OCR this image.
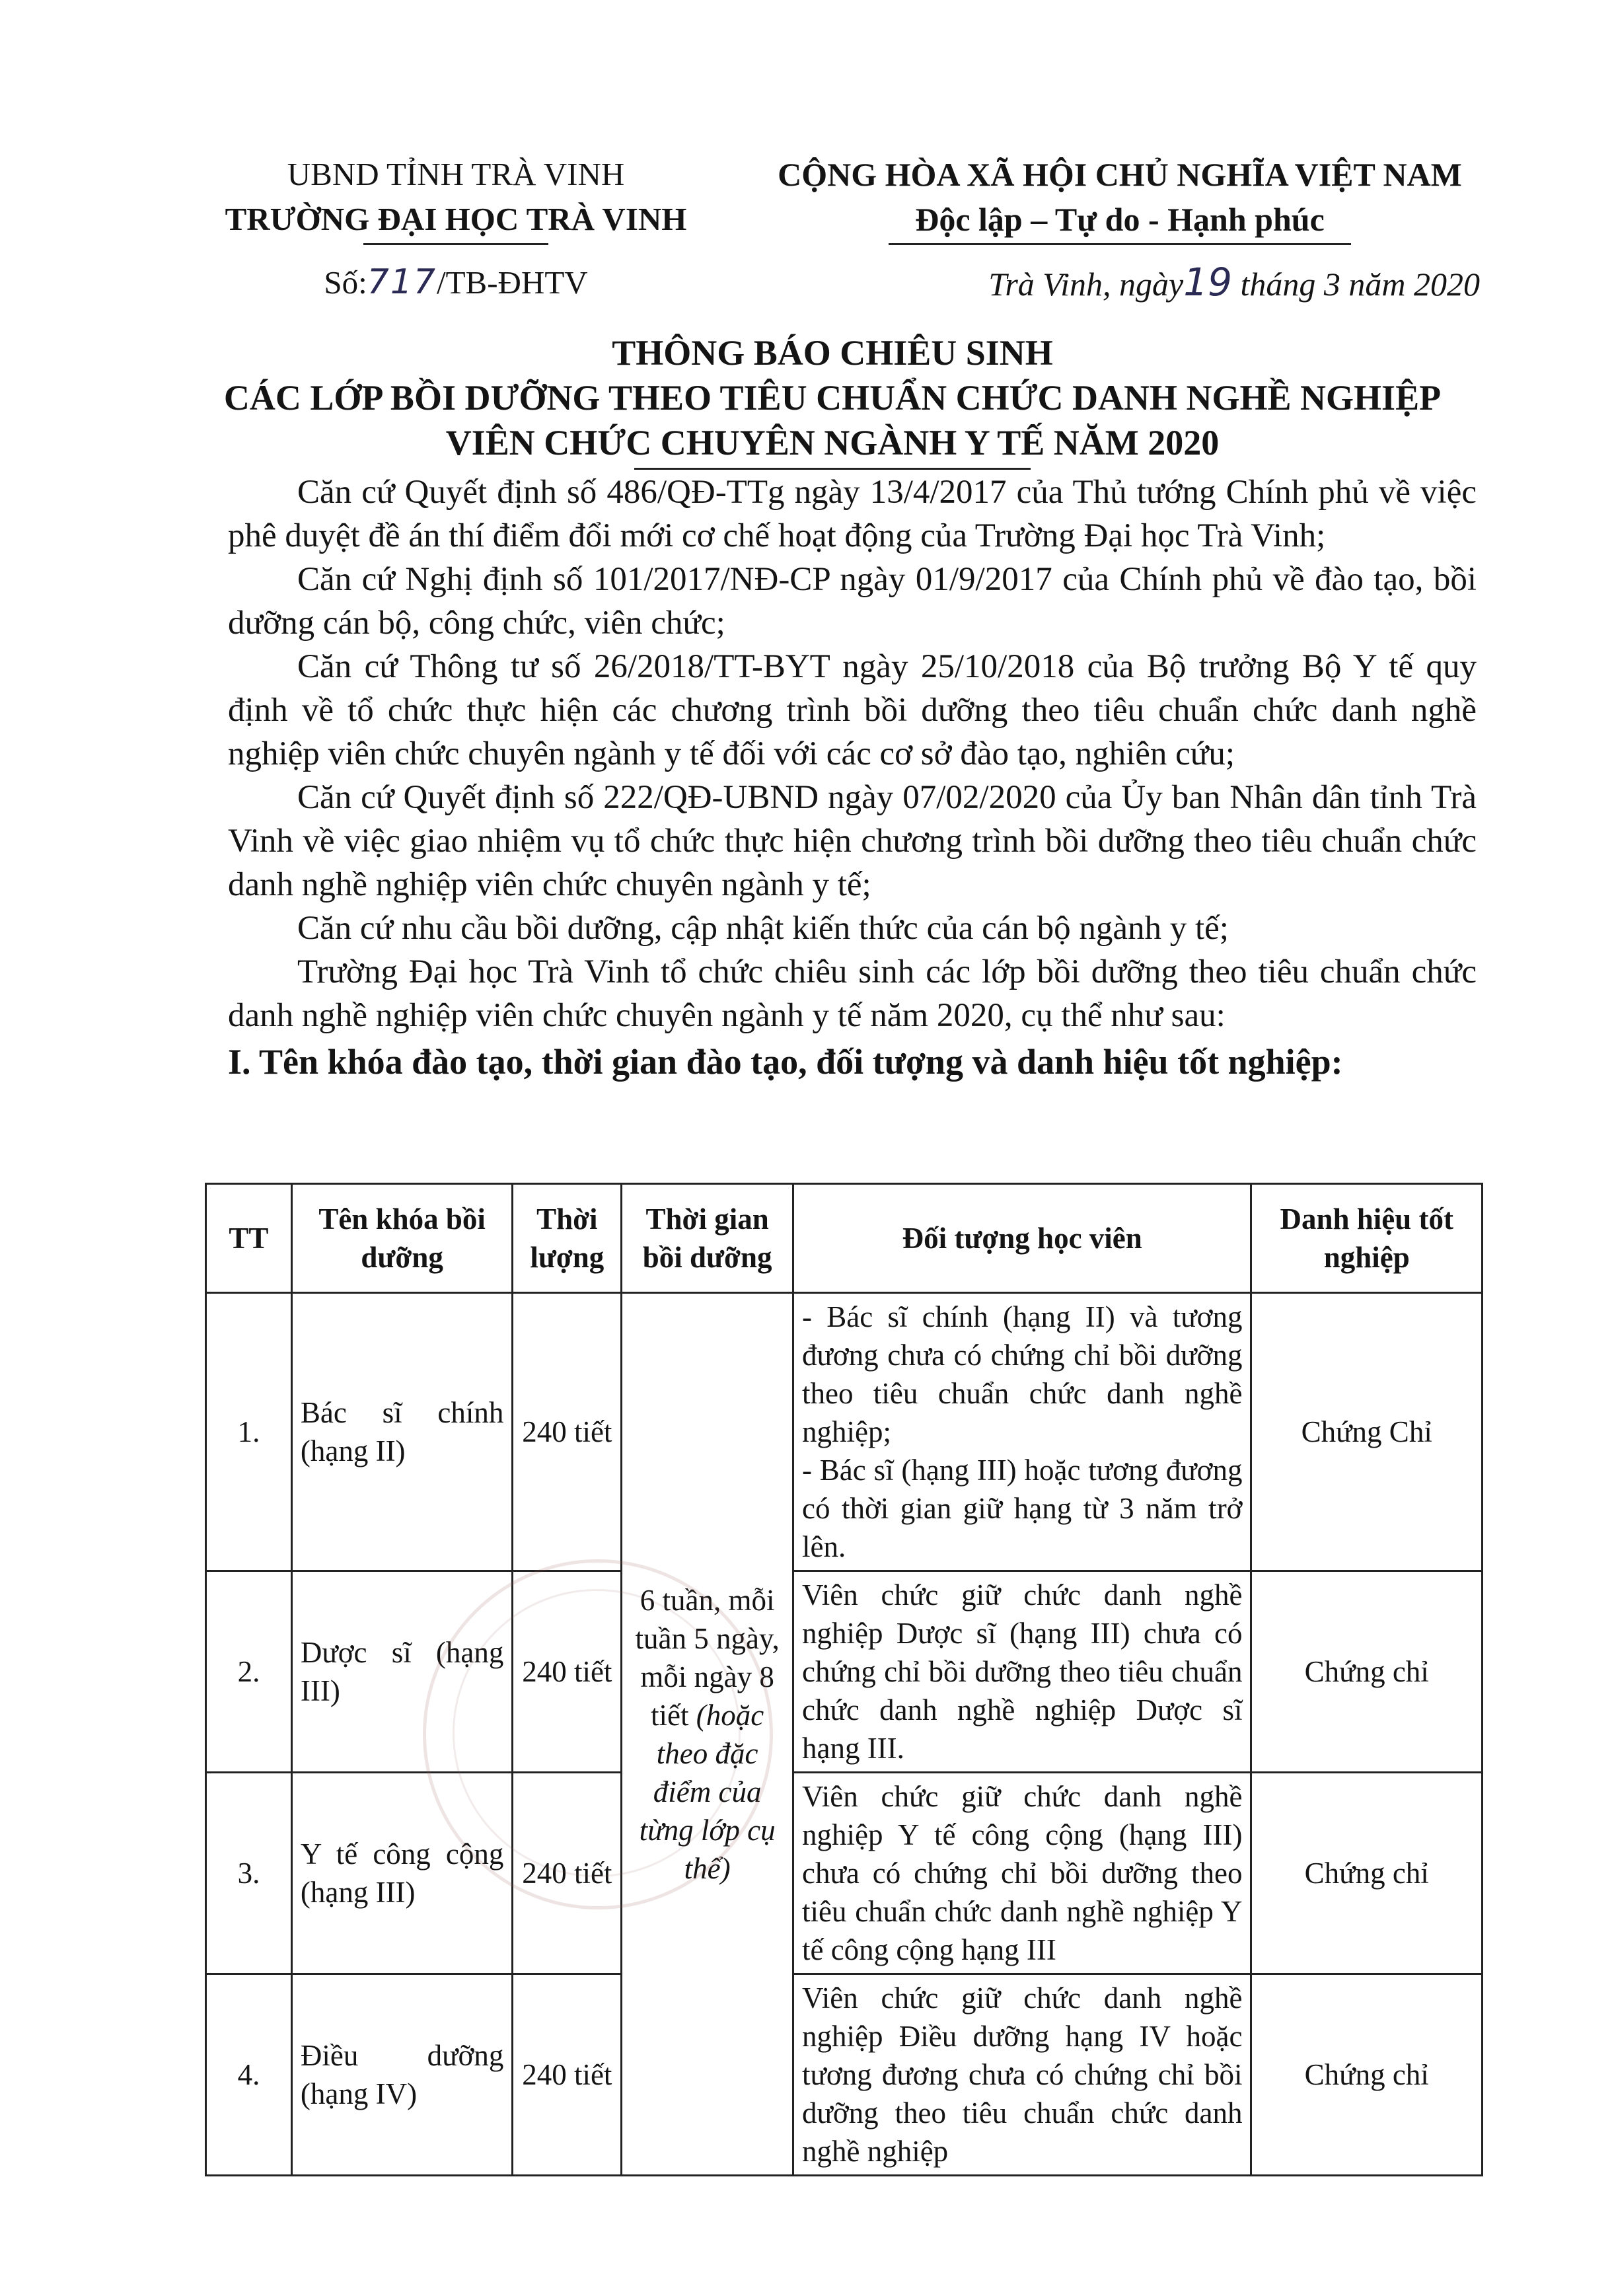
UBND TỈNH TRÀ VINH
TRƯỜNG ĐẠI HỌC TRÀ VINH
Số:717/TB-ĐHTV
CỘNG HÒA XÃ HỘI CHỦ NGHĨA VIỆT NAM
Độc lập – Tự do - Hạnh phúc
Trà Vinh, ngày19 tháng 3 năm 2020
THÔNG BÁO CHIÊU SINH
CÁC LỚP BỒI DƯỠNG THEO TIÊU CHUẨN CHỨC DANH NGHỀ NGHIỆP
VIÊN CHỨC CHUYÊN NGÀNH Y TẾ NĂM 2020

Căn cứ Quyết định số 486/QĐ-TTg ngày 13/4/2017 của Thủ tướng Chính phủ về việc phê duyệt đề án thí điểm đổi mới cơ chế hoạt động của Trường Đại học Trà Vinh;

Căn cứ Nghị định số 101/2017/NĐ-CP ngày 01/9/2017 của Chính phủ về đào tạo, bồi dưỡng cán bộ, công chức, viên chức;

Căn cứ Thông tư số 26/2018/TT-BYT ngày 25/10/2018 của Bộ trưởng Bộ Y tế quy định về tổ chức thực hiện các chương trình bồi dưỡng theo tiêu chuẩn chức danh nghề nghiệp viên chức chuyên ngành y tế đối với các cơ sở đào tạo, nghiên cứu;

Căn cứ Quyết định số 222/QĐ-UBND ngày 07/02/2020 của Ủy ban Nhân dân tỉnh Trà Vinh về việc giao nhiệm vụ tổ chức thực hiện chương trình bồi dưỡng theo tiêu chuẩn chức danh nghề nghiệp viên chức chuyên ngành y tế;

Căn cứ nhu cầu bồi dưỡng, cập nhật kiến thức của cán bộ ngành y tế;

Trường Đại học Trà Vinh tổ chức chiêu sinh các lớp bồi dưỡng theo tiêu chuẩn chức danh nghề nghiệp viên chức chuyên ngành y tế năm 2020, cụ thể như sau:

I. Tên khóa đào tạo, thời gian đào tạo, đối tượng và danh hiệu tốt nghiệp:

TT	Tên khóa bồi dưỡng	Thời lượng	Thời gian bồi dưỡng	Đối tượng học viên	Danh hiệu tốt nghiệp
1.	Bác sĩ chính (hạng II)	240 tiết	6 tuần, mỗi tuần 5 ngày, mỗi ngày 8 tiết (hoặc theo đặc điểm của từng lớp cụ thể)	- Bác sĩ chính (hạng II) và tương đương chưa có chứng chỉ bồi dưỡng theo tiêu chuẩn chức danh nghề nghiệp;
- Bác sĩ (hạng III) hoặc tương đương có thời gian giữ hạng từ 3 năm trở lên.	Chứng Chỉ
2.	Dược sĩ (hạng III)	240 tiết		Viên chức giữ chức danh nghề nghiệp Dược sĩ (hạng III) chưa có chứng chỉ bồi dưỡng theo tiêu chuẩn chức danh nghề nghiệp Dược sĩ hạng III.	Chứng chỉ
3.	Y tế công cộng (hạng III)	240 tiết		Viên chức giữ chức danh nghề nghiệp Y tế công cộng (hạng III) chưa có chứng chỉ bồi dưỡng theo tiêu chuẩn chức danh nghề nghiệp Y tế công cộng hạng III	Chứng chỉ
4.	Điều dưỡng (hạng IV)	240 tiết		Viên chức giữ chức danh nghề nghiệp Điều dưỡng hạng IV hoặc tương đương chưa có chứng chỉ bồi dưỡng theo tiêu chuẩn chức danh nghề nghiệp	Chứng chỉ
